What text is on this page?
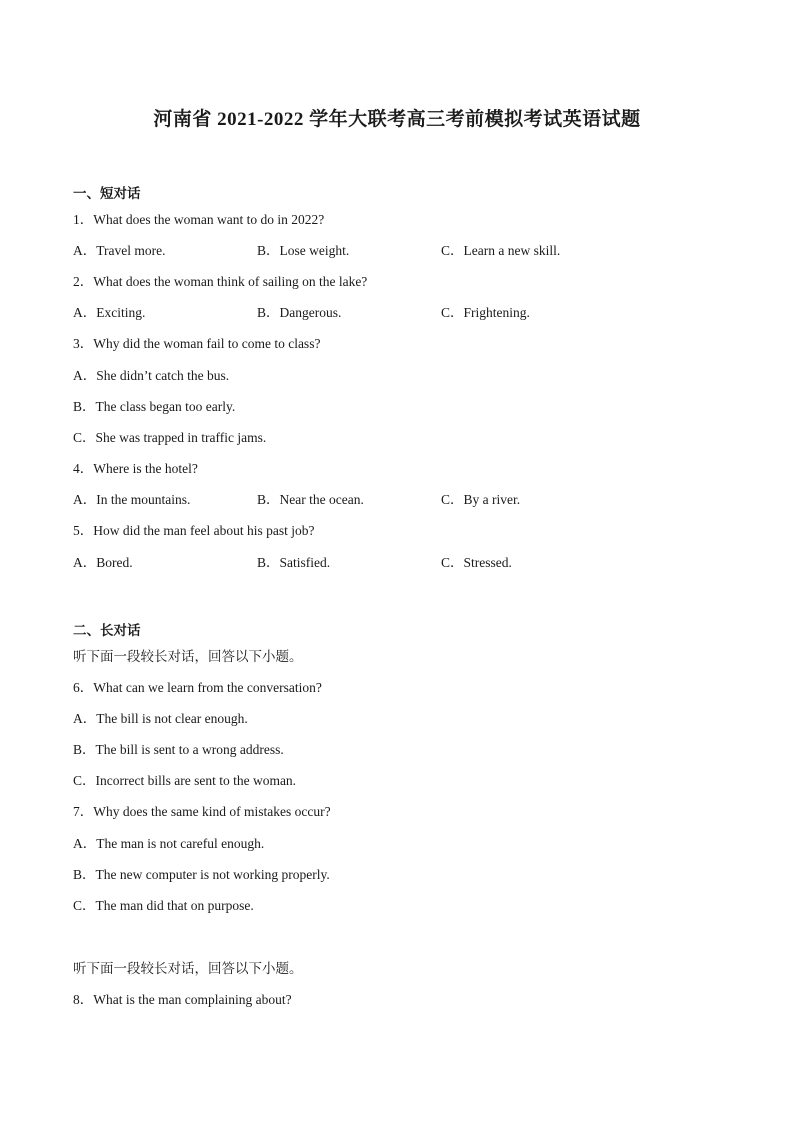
河南省 2021-2022 学年大联考高三考前模拟考试英语试题
一、短对话
1．What does the woman want to do in 2022?
A．Travel more.	B．Lose weight.	C．Learn a new skill.
2．What does the woman think of sailing on the lake?
A．Exciting.	B．Dangerous.	C．Frightening.
3．Why did the woman fail to come to class?
A．She didn’t catch the bus.
B．The class began too early.
C．She was trapped in traffic jams.
4．Where is the hotel?
A．In the mountains.	B．Near the ocean.	C．By a river.
5．How did the man feel about his past job?
A．Bored.	B．Satisfied.	C．Stressed.
二、长对话
听下面一段较长对话，回答以下小题。
6．What can we learn from the conversation?
A．The bill is not clear enough.
B．The bill is sent to a wrong address.
C．Incorrect bills are sent to the woman.
7．Why does the same kind of mistakes occur?
A．The man is not careful enough.
B．The new computer is not working properly.
C．The man did that on purpose.
听下面一段较长对话，回答以下小题。
8．What is the man complaining about?
